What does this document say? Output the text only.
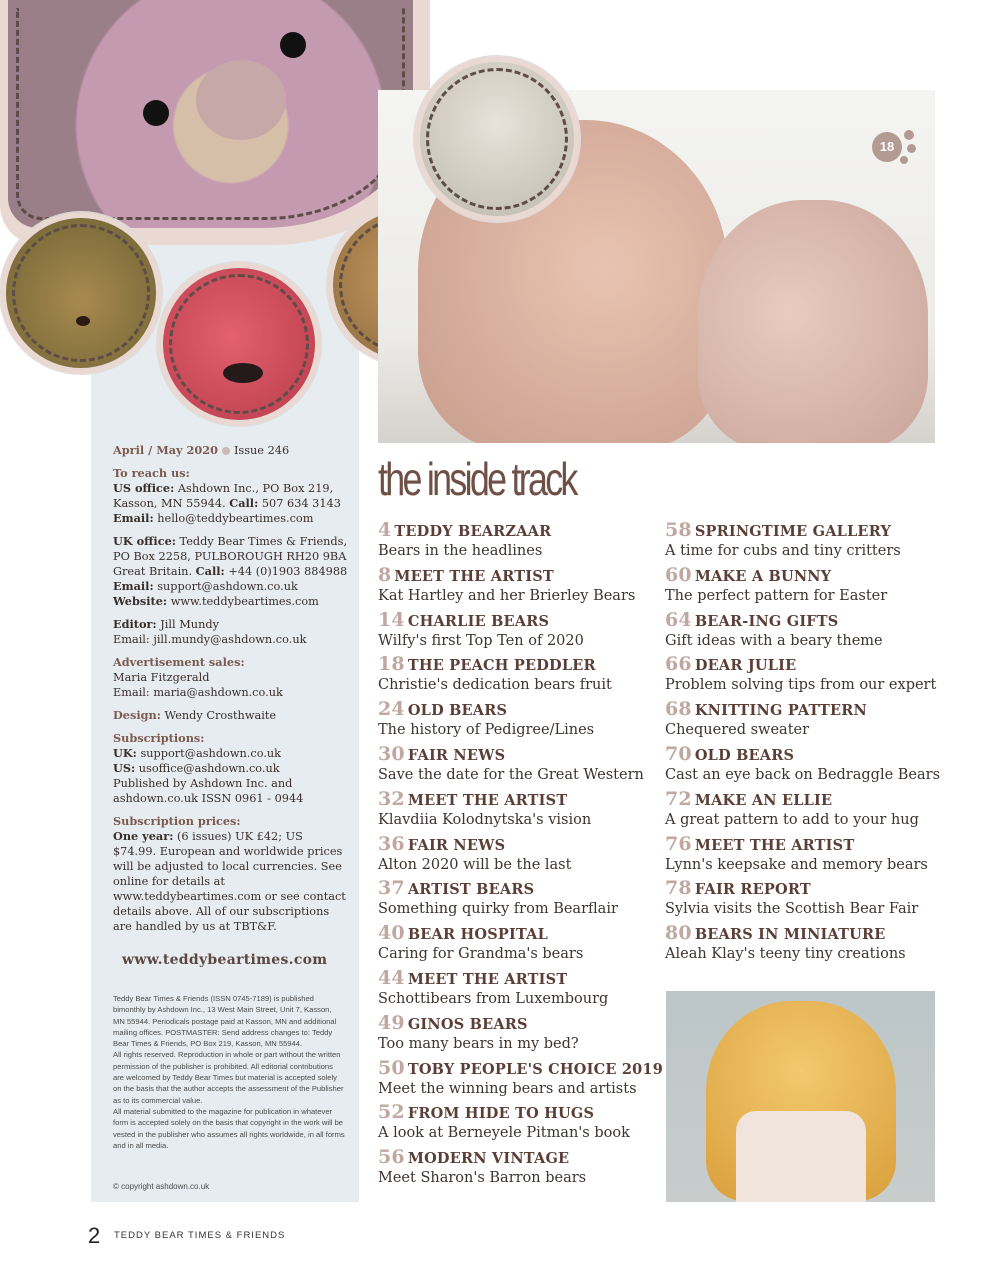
18

April / May 2020 Issue 246

To reach us:
US office: Ashdown Inc., PO Box 219, Kasson, MN 55944. Call: 507 634 3143
Email: hello@teddybeartimes.com

UK office: Teddy Bear Times & Friends, PO Box 2258, PULBOROUGH RH20 9BA Great Britain. Call: +44 (0)1903 884988
Email: support@ashdown.co.uk
Website: www.teddybeartimes.com

Editor: Jill Mundy
Email: jill.mundy@ashdown.co.uk

Advertisement sales:
Maria Fitzgerald
Email: maria@ashdown.co.uk

Design: Wendy Crosthwaite

Subscriptions:
UK: support@ashdown.co.uk
US: usoffice@ashdown.co.uk
Published by Ashdown Inc. and ashdown.co.uk ISSN 0961 - 0944

Subscription prices:
One year: (6 issues) UK £42; US $74.99. European and worldwide prices will be adjusted to local currencies. See online for details at www.teddybeartimes.com or see contact details above. All of our subscriptions are handled by us at TBT&F.

www.teddybeartimes.com

Teddy Bear Times & Friends (ISSN 0745-7189) is published bimonthly by Ashdown Inc., 13 West Main Street, Unit 7, Kasson, MN 55944. Periodicals postage paid at Kasson, MN and additional mailing offices. POSTMASTER: Send address changes to: Teddy Bear Times & Friends, PO Box 219, Kasson, MN 55944.

All rights reserved. Reproduction in whole or part without the written permission of the publisher is prohibited. All editorial contributions are welcomed by Teddy Bear Times but material is accepted solely on the basis that the author accepts the assessment of the Publisher as to its commercial value.

All material submitted to the magazine for publication in whatever form is accepted solely on the basis that copyright in the work will be vested in the publisher who assumes all rights worldwide, in all forms and in all media.

© copyright ashdown.co.uk
the inside track
4 TEDDY BEARZAAR
Bears in the headlines
8 MEET THE ARTIST
Kat Hartley and her Brierley Bears
14 CHARLIE BEARS
Wilfy's first Top Ten of 2020
18 THE PEACH PEDDLER
Christie's dedication bears fruit
24 OLD BEARS
The history of Pedigree/Lines
30 FAIR NEWS
Save the date for the Great Western
32 MEET THE ARTIST
Klavdiia Kolodnytska's vision
36 FAIR NEWS
Alton 2020 will be the last
37 ARTIST BEARS
Something quirky from Bearflair
40 BEAR HOSPITAL
Caring for Grandma's bears
44 MEET THE ARTIST
Schottibears from Luxembourg
49 GINOS BEARS
Too many bears in my bed?
50 TOBY PEOPLE'S CHOICE 2019
Meet the winning bears and artists
52 FROM HIDE TO HUGS
A look at Berneyele Pitman's book
56 MODERN VINTAGE
Meet Sharon's Barron bears
58 SPRINGTIME GALLERY
A time for cubs and tiny critters
60 MAKE A BUNNY
The perfect pattern for Easter
64 BEAR-ING GIFTS
Gift ideas with a beary theme
66 DEAR JULIE
Problem solving tips from our expert
68 KNITTING PATTERN
Chequered sweater
70 OLD BEARS
Cast an eye back on Bedraggle Bears
72 MAKE AN ELLIE
A great pattern to add to your hug
76 MEET THE ARTIST
Lynn's keepsake and memory bears
78 FAIR REPORT
Sylvia visits the Scottish Bear Fair
80 BEARS IN MINIATURE
Aleah Klay's teeny tiny creations
2 TEDDY BEAR TIMES & FRIENDS
